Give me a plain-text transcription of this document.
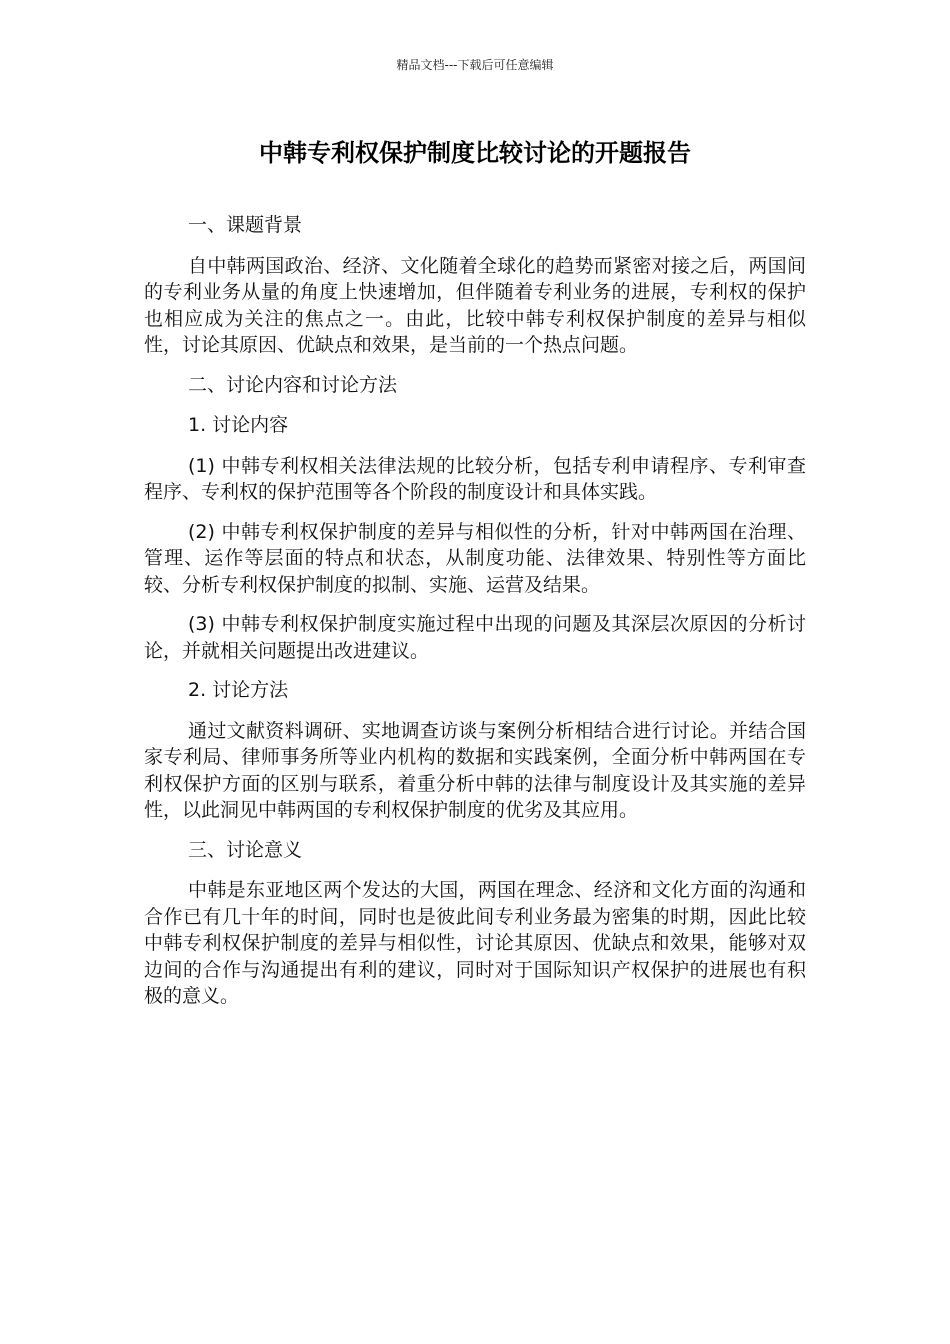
精品文档---下载后可任意编辑
中韩专利权保护制度比较讨论的开题报告

一、课题背景

自中韩两国政治、经济、文化随着全球化的趋势而紧密对接之后，两国间的专利业务从量的角度上快速增加，但伴随着专利业务的进展，专利权的保护也相应成为关注的焦点之一。由此，比较中韩专利权保护制度的差异与相似性，讨论其原因、优缺点和效果，是当前的一个热点问题。

二、讨论内容和讨论方法

1. 讨论内容

(1) 中韩专利权相关法律法规的比较分析，包括专利申请程序、专利审查程序、专利权的保护范围等各个阶段的制度设计和具体实践。

(2) 中韩专利权保护制度的差异与相似性的分析，针对中韩两国在治理、管理、运作等层面的特点和状态，从制度功能、法律效果、特别性等方面比较、分析专利权保护制度的拟制、实施、运营及结果。

(3) 中韩专利权保护制度实施过程中出现的问题及其深层次原因的分析讨论，并就相关问题提出改进建议。

2. 讨论方法

通过文献资料调研、实地调查访谈与案例分析相结合进行讨论。并结合国家专利局、律师事务所等业内机构的数据和实践案例，全面分析中韩两国在专利权保护方面的区别与联系，着重分析中韩的法律与制度设计及其实施的差异性，以此洞见中韩两国的专利权保护制度的优劣及其应用。

三、讨论意义

中韩是东亚地区两个发达的大国，两国在理念、经济和文化方面的沟通和合作已有几十年的时间，同时也是彼此间专利业务最为密集的时期，因此比较中韩专利权保护制度的差异与相似性，讨论其原因、优缺点和效果，能够对双边间的合作与沟通提出有利的建议，同时对于国际知识产权保护的进展也有积极的意义。
